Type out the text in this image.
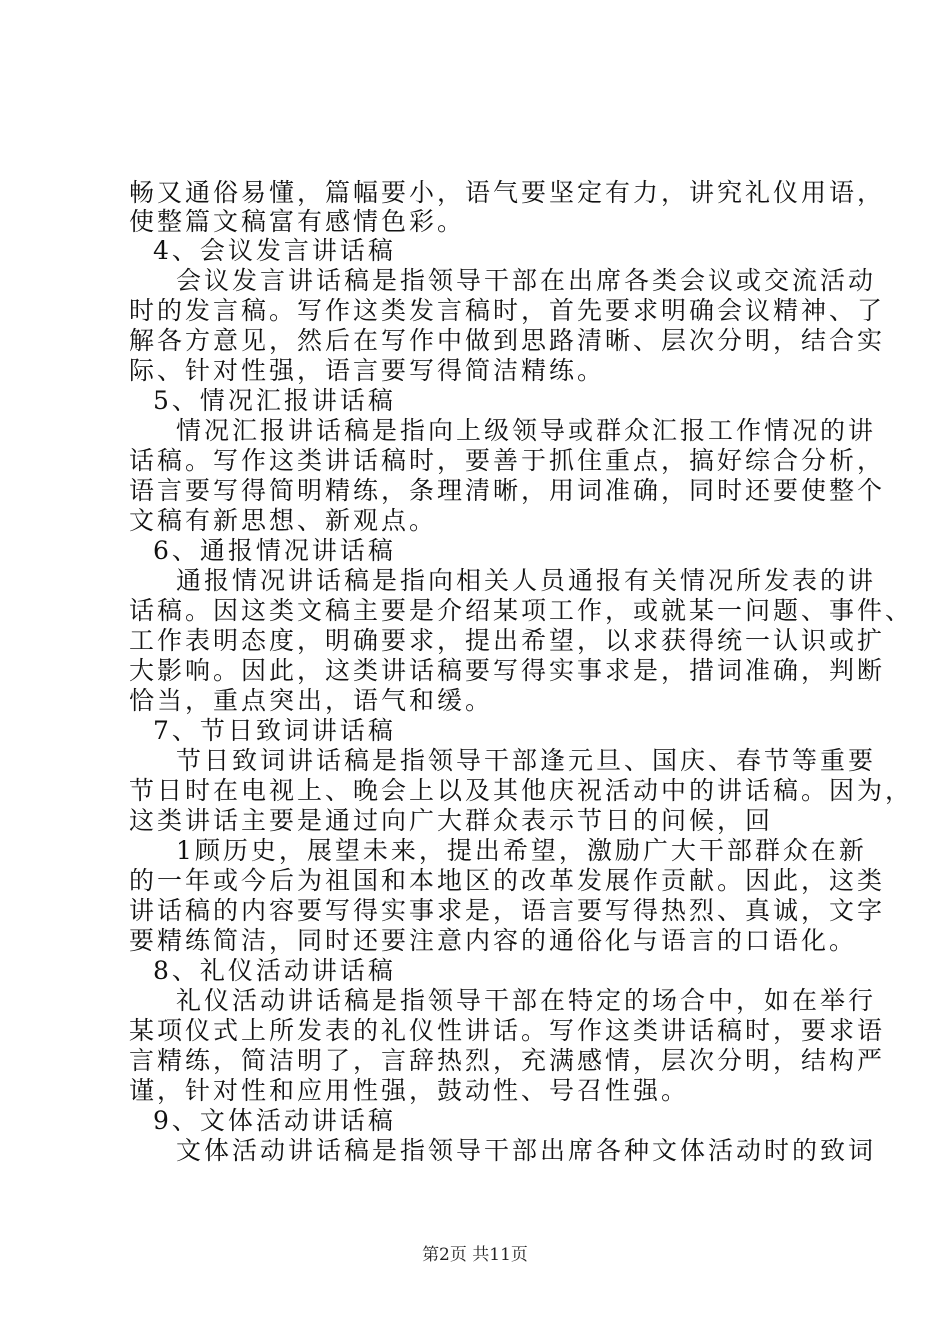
畅又通俗易懂，篇幅要小，语气要坚定有力，讲究礼仪用语，
使整篇文稿富有感情色彩。
4、会议发言讲话稿
会议发言讲话稿是指领导干部在出席各类会议或交流活动
时的发言稿。写作这类发言稿时，首先要求明确会议精神、了
解各方意见，然后在写作中做到思路清晰、层次分明，结合实
际、针对性强，语言要写得简洁精练。
5、情况汇报讲话稿
情况汇报讲话稿是指向上级领导或群众汇报工作情况的讲
话稿。写作这类讲话稿时，要善于抓住重点，搞好综合分析，
语言要写得简明精练，条理清晰，用词准确，同时还要使整个
文稿有新思想、新观点。
6、通报情况讲话稿
通报情况讲话稿是指向相关人员通报有关情况所发表的讲
话稿。因这类文稿主要是介绍某项工作，或就某一问题、事件、
工作表明态度，明确要求，提出希望，以求获得统一认识或扩
大影响。因此，这类讲话稿要写得实事求是，措词准确，判断
恰当，重点突出，语气和缓。
7、节日致词讲话稿
节日致词讲话稿是指领导干部逢元旦、国庆、春节等重要
节日时在电视上、晚会上以及其他庆祝活动中的讲话稿。因为，
这类讲话主要是通过向广大群众表示节日的问候，回
1顾历史，展望未来，提出希望，激励广大干部群众在新
的一年或今后为祖国和本地区的改革发展作贡献。因此，这类
讲话稿的内容要写得实事求是，语言要写得热烈、真诚，文字
要精练简洁，同时还要注意内容的通俗化与语言的口语化。
8、礼仪活动讲话稿
礼仪活动讲话稿是指领导干部在特定的场合中，如在举行
某项仪式上所发表的礼仪性讲话。写作这类讲话稿时，要求语
言精练，简洁明了，言辞热烈，充满感情，层次分明，结构严
谨，针对性和应用性强，鼓动性、号召性强。
9、文体活动讲话稿
文体活动讲话稿是指领导干部出席各种文体活动时的致词
第2页 共11页
